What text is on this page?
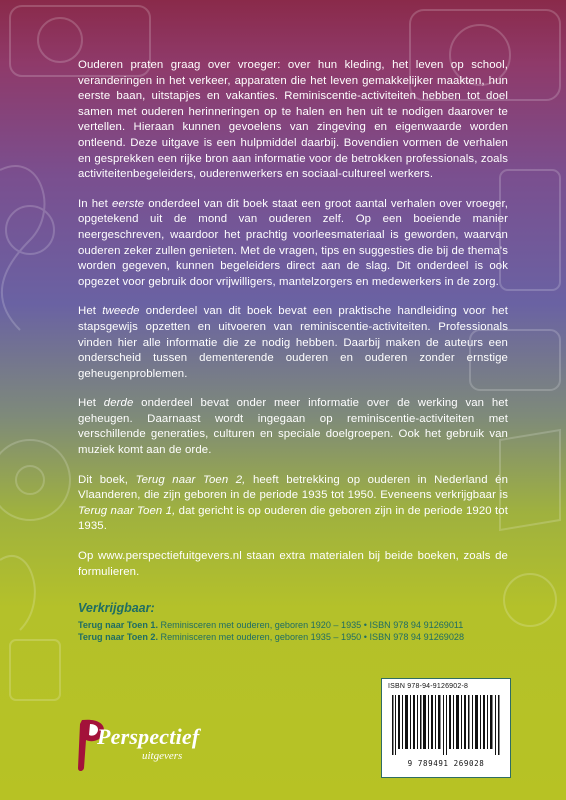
Ouderen praten graag over vroeger: over hun kleding, het leven op school, veranderingen in het verkeer, apparaten die het leven gemakkelijker maakten, hun eerste baan, uitstapjes en vakanties. Reminiscentie-activiteiten hebben tot doel samen met ouderen herinneringen op te halen en hen uit te nodigen daarover te vertellen. Hieraan kunnen gevoelens van zingeving en eigenwaarde worden ontleend. Deze uitgave is een hulpmiddel daarbij. Bovendien vormen de verhalen en gesprekken een rijke bron aan informatie voor de betrokken professionals, zoals activiteitenbegeleiders, ouderenwerkers en sociaal-cultureel werkers.

In het eerste onderdeel van dit boek staat een groot aantal verhalen over vroeger, opgetekend uit de mond van ouderen zelf. Op een boeiende manier neergeschreven, waardoor het prachtig voorleesmateriaal is geworden, waarvan ouderen zeker zullen genieten. Met de vragen, tips en suggesties die bij de thema's worden gegeven, kunnen begeleiders direct aan de slag. Dit onderdeel is ook opgezet voor gebruik door vrijwilligers, mantelzorgers en medewerkers in de zorg.

Het tweede onderdeel van dit boek bevat een praktische handleiding voor het stapsgewijs opzetten en uitvoeren van reminiscentie-activiteiten. Professionals vinden hier alle informatie die ze nodig hebben. Daarbij maken de auteurs een onderscheid tussen dementerende ouderen en ouderen zonder ernstige geheugenproblemen.

Het derde onderdeel bevat onder meer informatie over de werking van het geheugen. Daarnaast wordt ingegaan op reminiscentie-activiteiten met verschillende generaties, culturen en speciale doelgroepen. Ook het gebruik van muziek komt aan de orde.

Dit boek, Terug naar Toen 2, heeft betrekking op ouderen in Nederland én Vlaanderen, die zijn geboren in de periode 1935 tot 1950. Eveneens verkrijgbaar is Terug naar Toen 1, dat gericht is op ouderen die geboren zijn in de periode 1920 tot 1935.

Op www.perspectiefuitgevers.nl staan extra materialen bij beide boeken, zoals de formulieren.

Verkrijgbaar:
Terug naar Toen 1. Reminisceren met ouderen, geboren 1920 – 1935 • ISBN 978 94 91269011
Terug naar Toen 2. Reminisceren met ouderen, geboren 1935 – 1950 • ISBN 978 94 91269028
Perspectief
uitgevers
ISBN 978-94-9126902-8
9 789491 269028
